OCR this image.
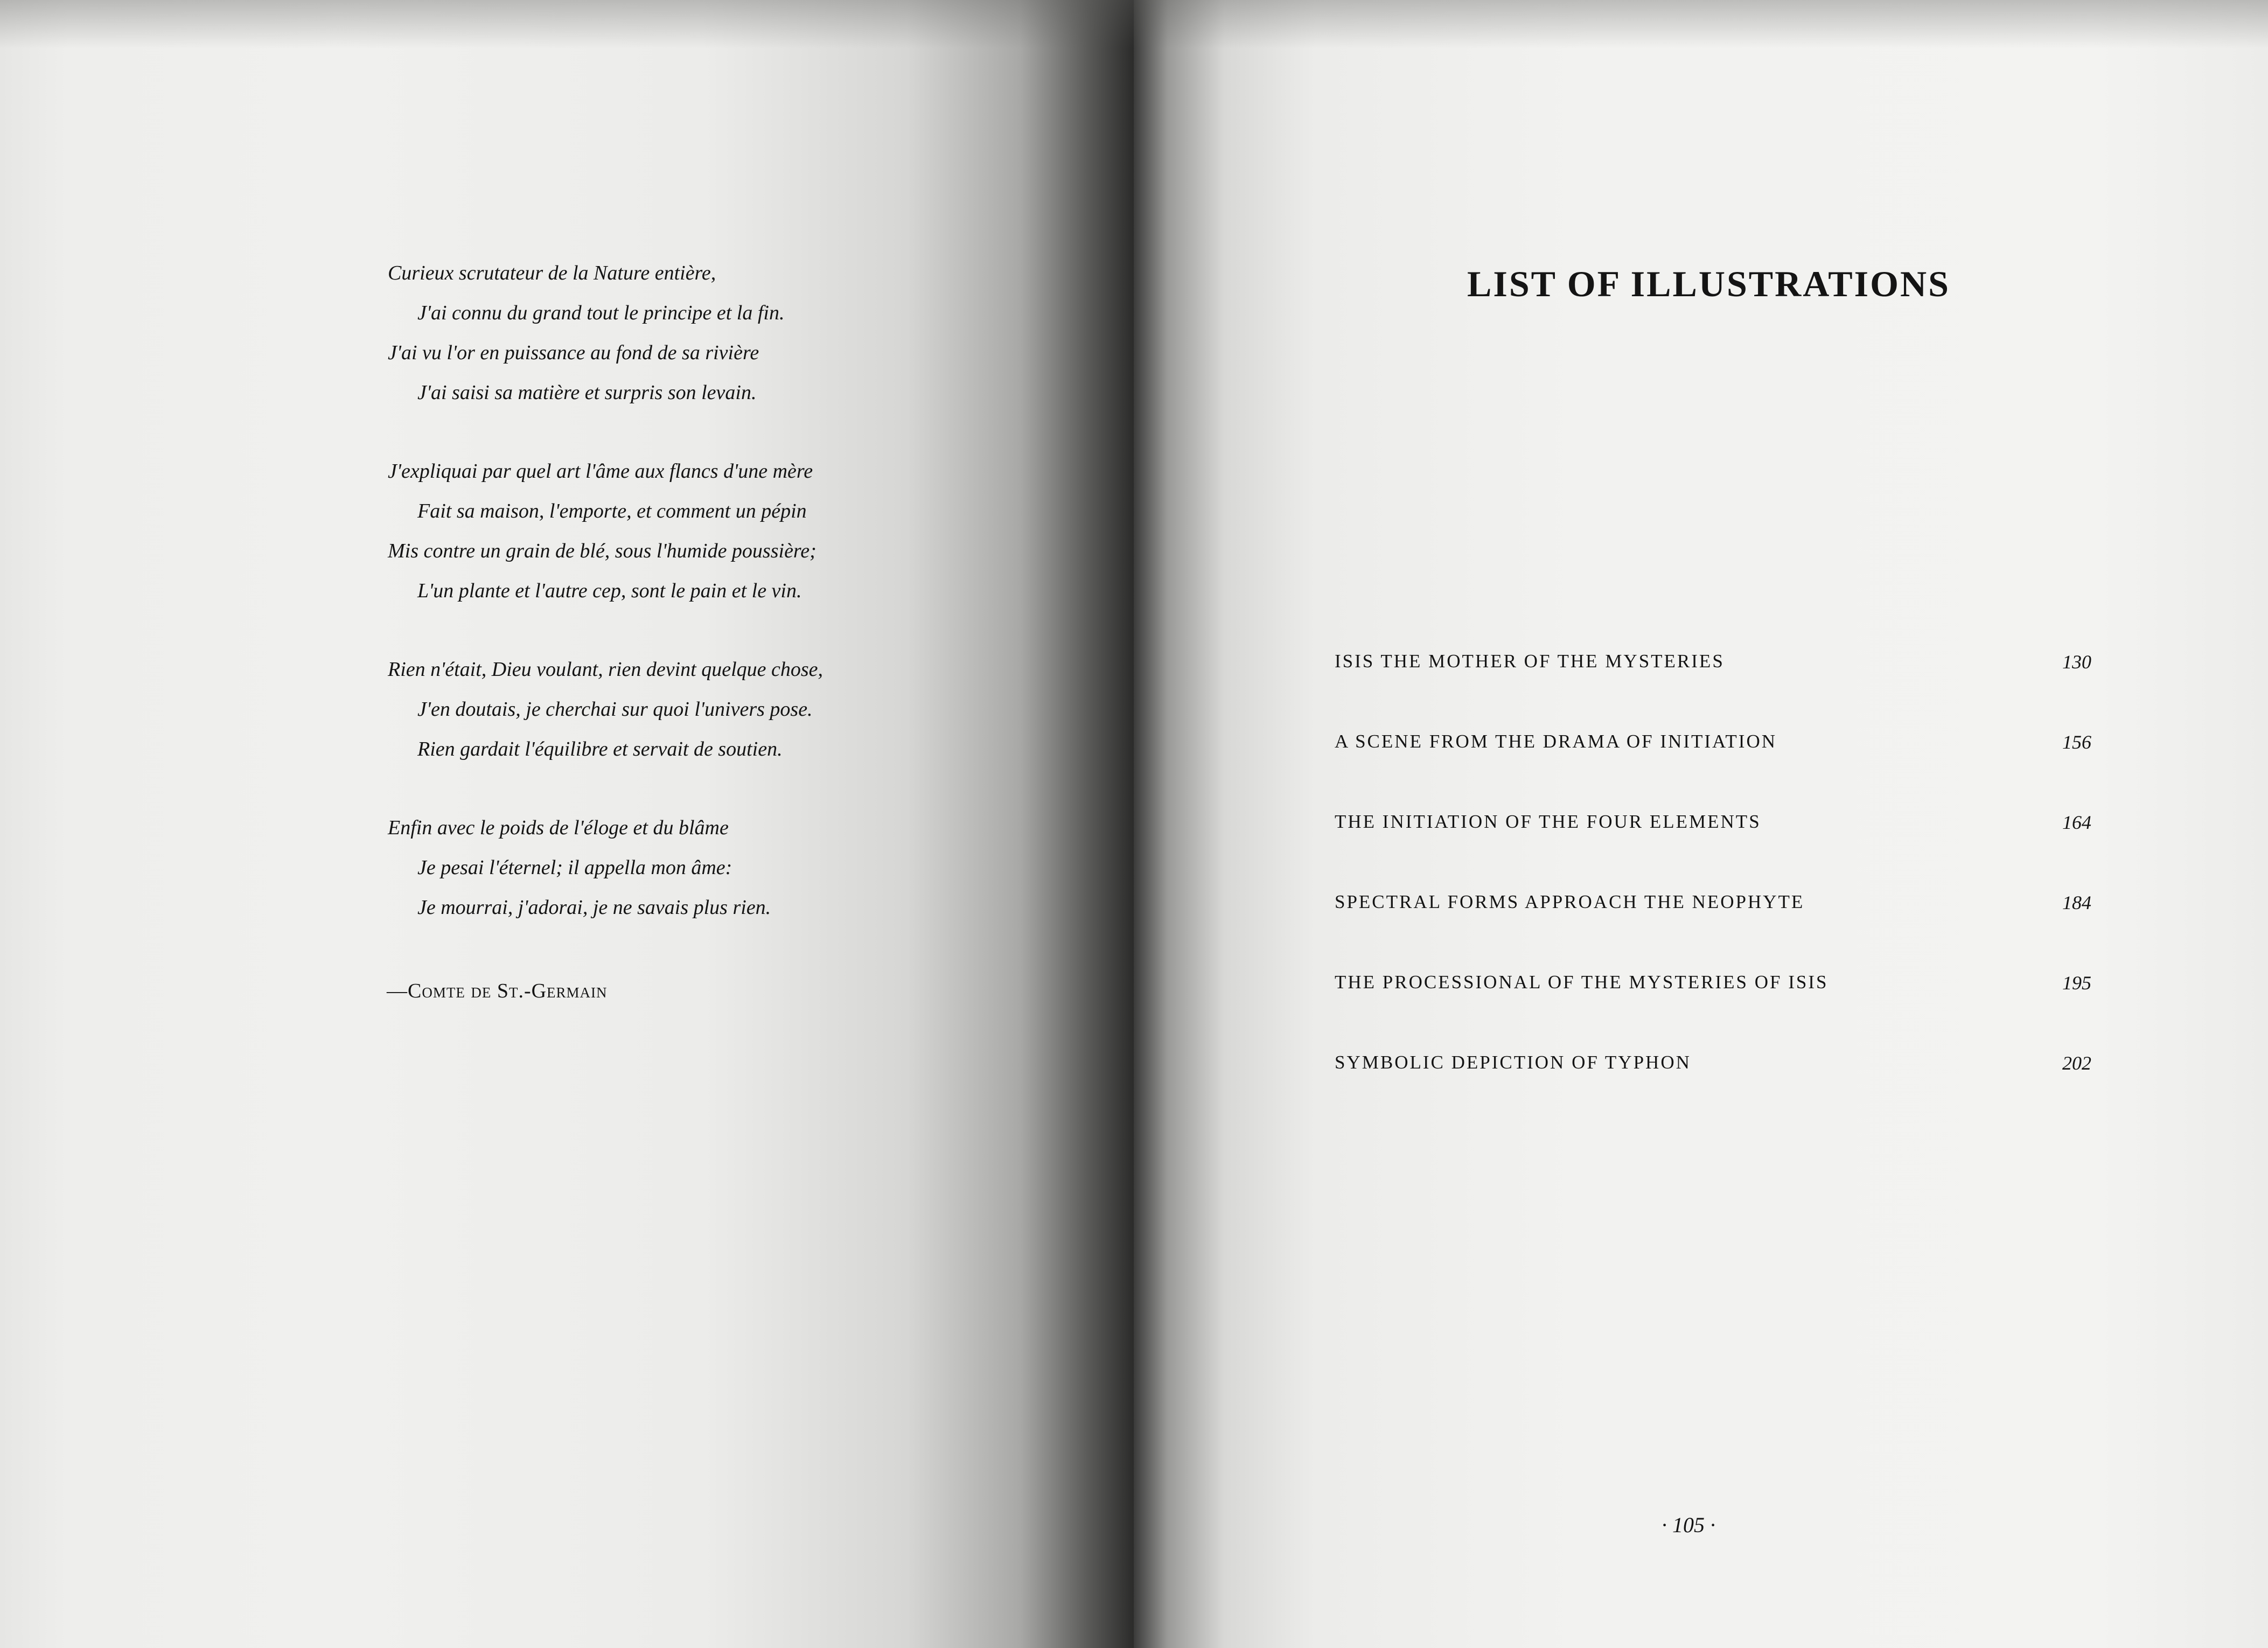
Curieux scrutateur de la Nature entière,
J'ai connu du grand tout le principe et la fin.
J'ai vu l'or en puissance au fond de sa rivière
J'ai saisi sa matière et surpris son levain.
J'expliquai par quel art l'âme aux flancs d'une mère
Fait sa maison, l'emporte, et comment un pépin
Mis contre un grain de blé, sous l'humide poussière;
L'un plante et l'autre cep, sont le pain et le vin.
Rien n'était, Dieu voulant, rien devint quelque chose,
J'en doutais, je cherchai sur quoi l'univers pose.
Rien gardait l'équilibre et servait de soutien.
Enfin avec le poids de l'éloge et du blâme
Je pesai l'éternel; il appella mon âme:
Je mourrai, j'adorai, je ne savais plus rien.
—Comte de St.-Germain
LIST OF ILLUSTRATIONS
ISIS THE MOTHER OF THE MYSTERIES	130
A SCENE FROM THE DRAMA OF INITIATION	156
THE INITIATION OF THE FOUR ELEMENTS	164
SPECTRAL FORMS APPROACH THE NEOPHYTE	184
THE PROCESSIONAL OF THE MYSTERIES OF ISIS	195
SYMBOLIC DEPICTION OF TYPHON	202
· 105 ·
